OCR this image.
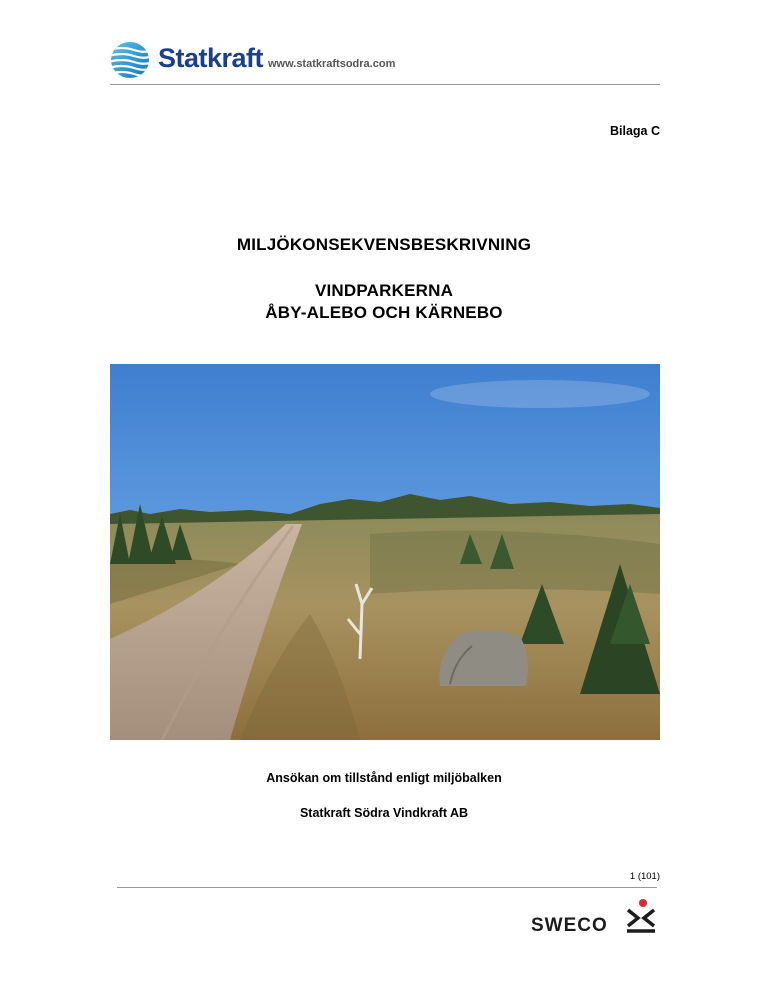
Statkraft www.statkraftsodra.com
Bilaga C
MILJÖKONSEKVENSBESKRIVNING
VINDPARKERNA
ÅBY-ALEBO OCH KÄRNEBO
Ansökan om tillstånd enligt miljöbalken
Statkraft Södra Vindkraft AB
1 (101)
SWECO
